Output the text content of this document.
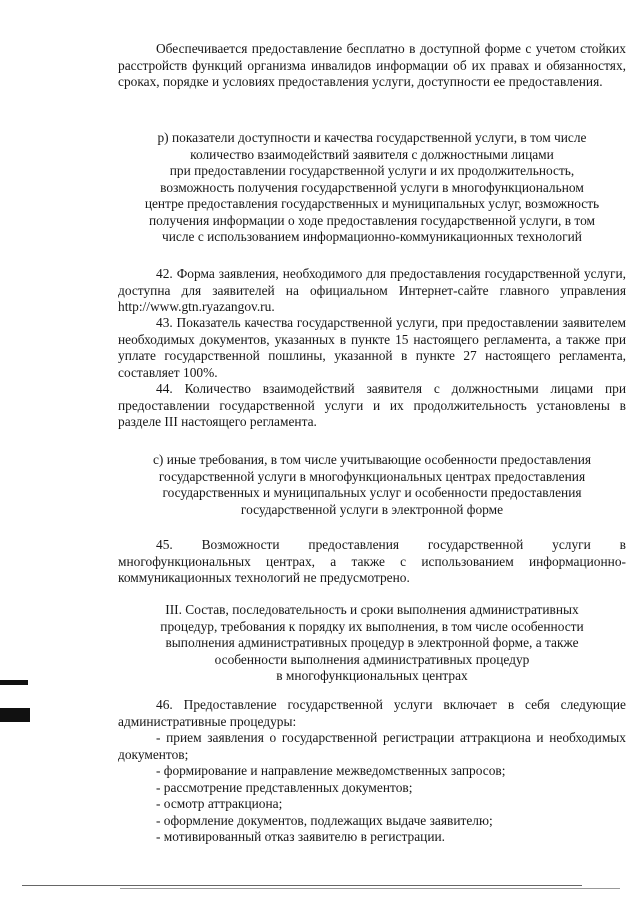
Обеспечивается предоставление бесплатно в доступной форме с учетом стойких расстройств функций организма инвалидов информации об их правах и обязанностях, сроках, порядке и условиях предоставления услуги, доступности ее предоставления.

р) показатели доступности и качества государственной услуги, в том числе
количество взаимодействий заявителя с должностными лицами
при предоставлении государственной услуги и их продолжительность,
возможность получения государственной услуги в многофункциональном
центре предоставления государственных и муниципальных услуг, возможность
получения информации о ходе предоставления государственной услуги, в том
числе с использованием информационно-коммуникационных технологий

42. Форма заявления, необходимого для предоставления государственной услуги, доступна для заявителей на официальном Интернет-сайте главного управления http://www.gtn.ryazangov.ru.

43. Показатель качества государственной услуги, при предоставлении заявителем необходимых документов, указанных в пункте 15 настоящего регламента, а также при уплате государственной пошлины, указанной в пункте 27 настоящего регламента, составляет 100%.

44. Количество взаимодействий заявителя с должностными лицами при предоставлении государственной услуги и их продолжительность установлены в разделе III настоящего регламента.

с) иные требования, в том числе учитывающие особенности предоставления
государственной услуги в многофункциональных центрах предоставления
государственных и муниципальных услуг и особенности предоставления
государственной услуги в электронной форме

45. Возможности предоставления государственной услуги в многофункциональных центрах, а также с использованием информационно-коммуникационных технологий не предусмотрено.

III. Состав, последовательность и сроки выполнения административных
процедур, требования к порядку их выполнения, в том числе особенности
выполнения административных процедур в электронной форме, а также
особенности выполнения административных процедур
в многофункциональных центрах
46. Предоставление государственной услуги включает в себя следующие административные процедуры:
- прием заявления о государственной регистрации аттракциона и необходимых документов;
- формирование и направление межведомственных запросов;
- рассмотрение представленных документов;
- осмотр аттракциона;
- оформление документов, подлежащих выдаче заявителю;
- мотивированный отказ заявителю в регистрации.
